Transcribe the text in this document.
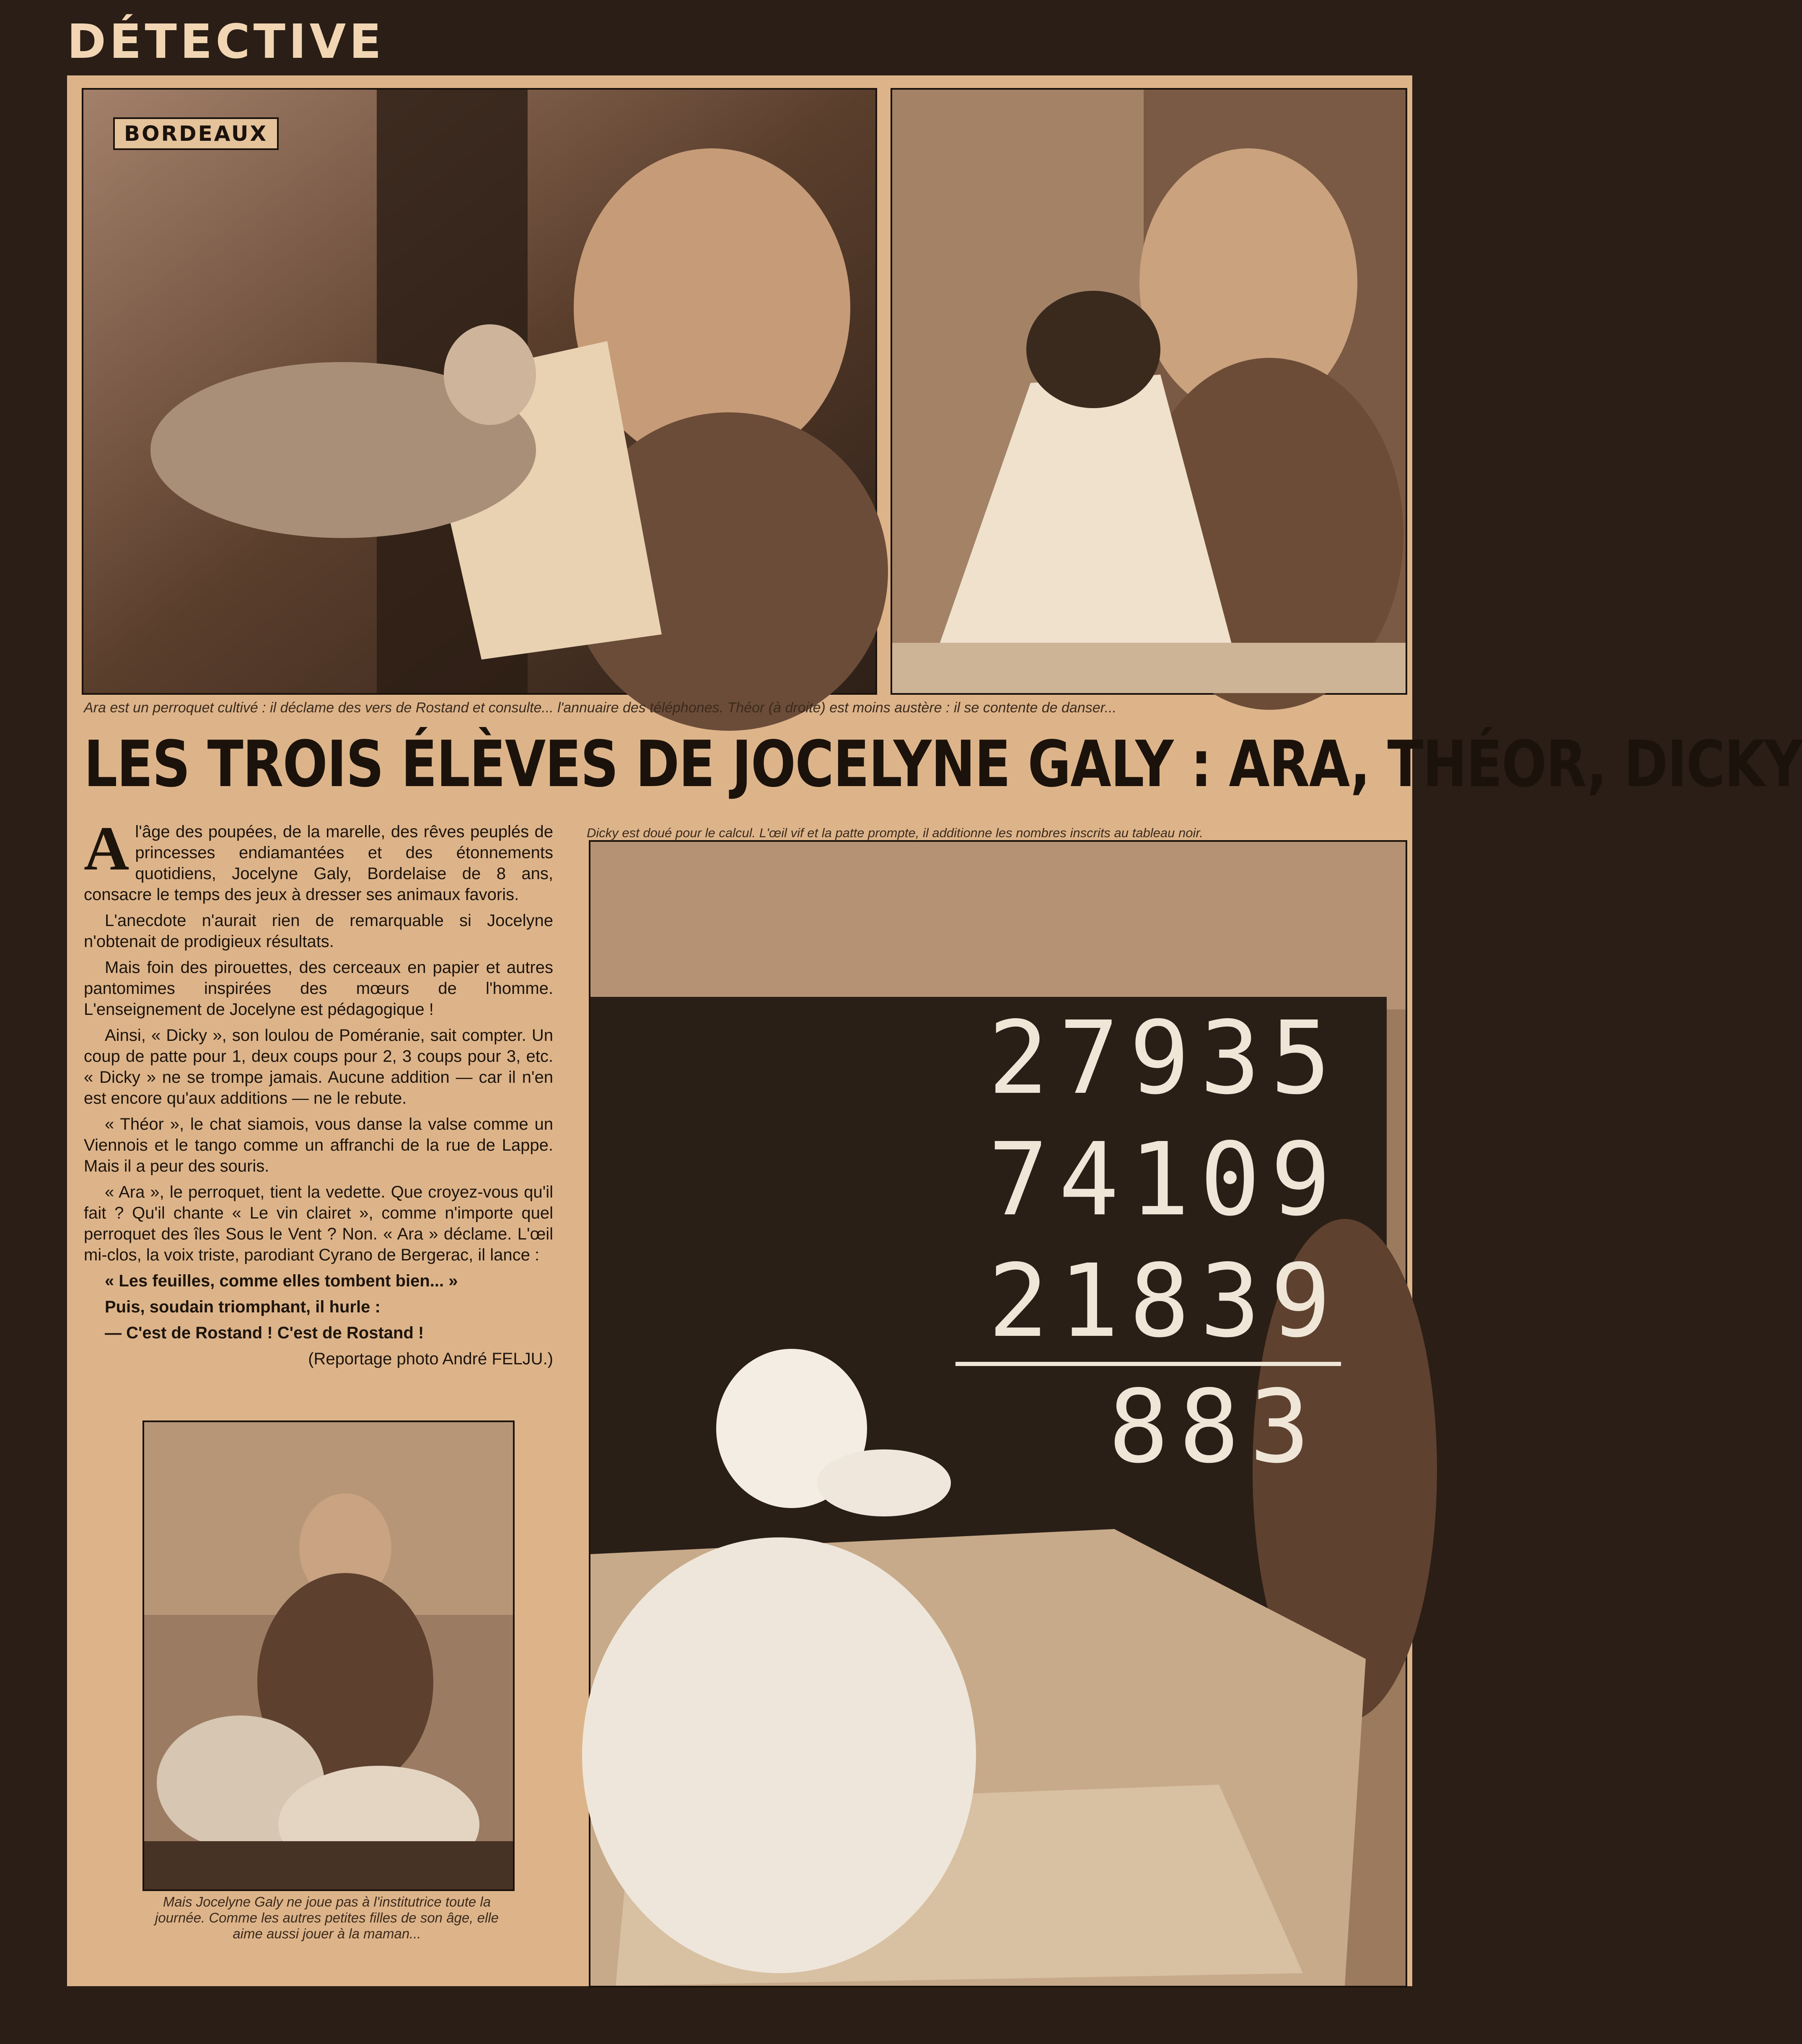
DÉTECTIVE
BORDEAUX
Ara est un perroquet cultivé : il déclame des vers de Rostand et consulte... l'annuaire des téléphones. Théor (à droite) est moins austère : il se contente de danser...
LES TROIS ÉLÈVES DE JOCELYNE GALY : ARA, THÉOR, DICKY
Dicky est doué pour le calcul. L'œil vif et la patte prompte, il additionne les nombres inscrits au tableau noir.

Al'âge des poupées, de la marelle, des rêves peuplés de princesses endiamantées et des étonnements quotidiens, Jocelyne Galy, Bordelaise de 8 ans, consacre le temps des jeux à dresser ses animaux favoris.

L'anecdote n'aurait rien de remarquable si Jocelyne n'obtenait de prodigieux résultats.

Mais foin des pirouettes, des cerceaux en papier et autres pantomimes inspirées des mœurs de l'homme. L'enseignement de Jocelyne est pédagogique !

Ainsi, « Dicky », son loulou de Poméranie, sait compter. Un coup de patte pour 1, deux coups pour 2, 3 coups pour 3, etc. « Dicky » ne se trompe jamais. Aucune addition — car il n'en est encore qu'aux additions — ne le rebute.

« Théor », le chat siamois, vous danse la valse comme un Viennois et le tango comme un affranchi de la rue de Lappe. Mais il a peur des souris.

« Ara », le perroquet, tient la vedette. Que croyez-vous qu'il fait ? Qu'il chante « Le vin clairet », comme n'importe quel perroquet des îles Sous le Vent ? Non. « Ara » déclame. L'œil mi-clos, la voix triste, parodiant Cyrano de Bergerac, il lance :

« Les feuilles, comme elles tombent bien... »

Puis, soudain triomphant, il hurle :

— C'est de Rostand ! C'est de Rostand !

(Reportage photo André FELJU.)
27935
74109
21839
883
Mais Jocelyne Galy ne joue pas à l'institutrice toute la journée. Comme les autres petites filles de son âge, elle aime aussi jouer à la maman...
